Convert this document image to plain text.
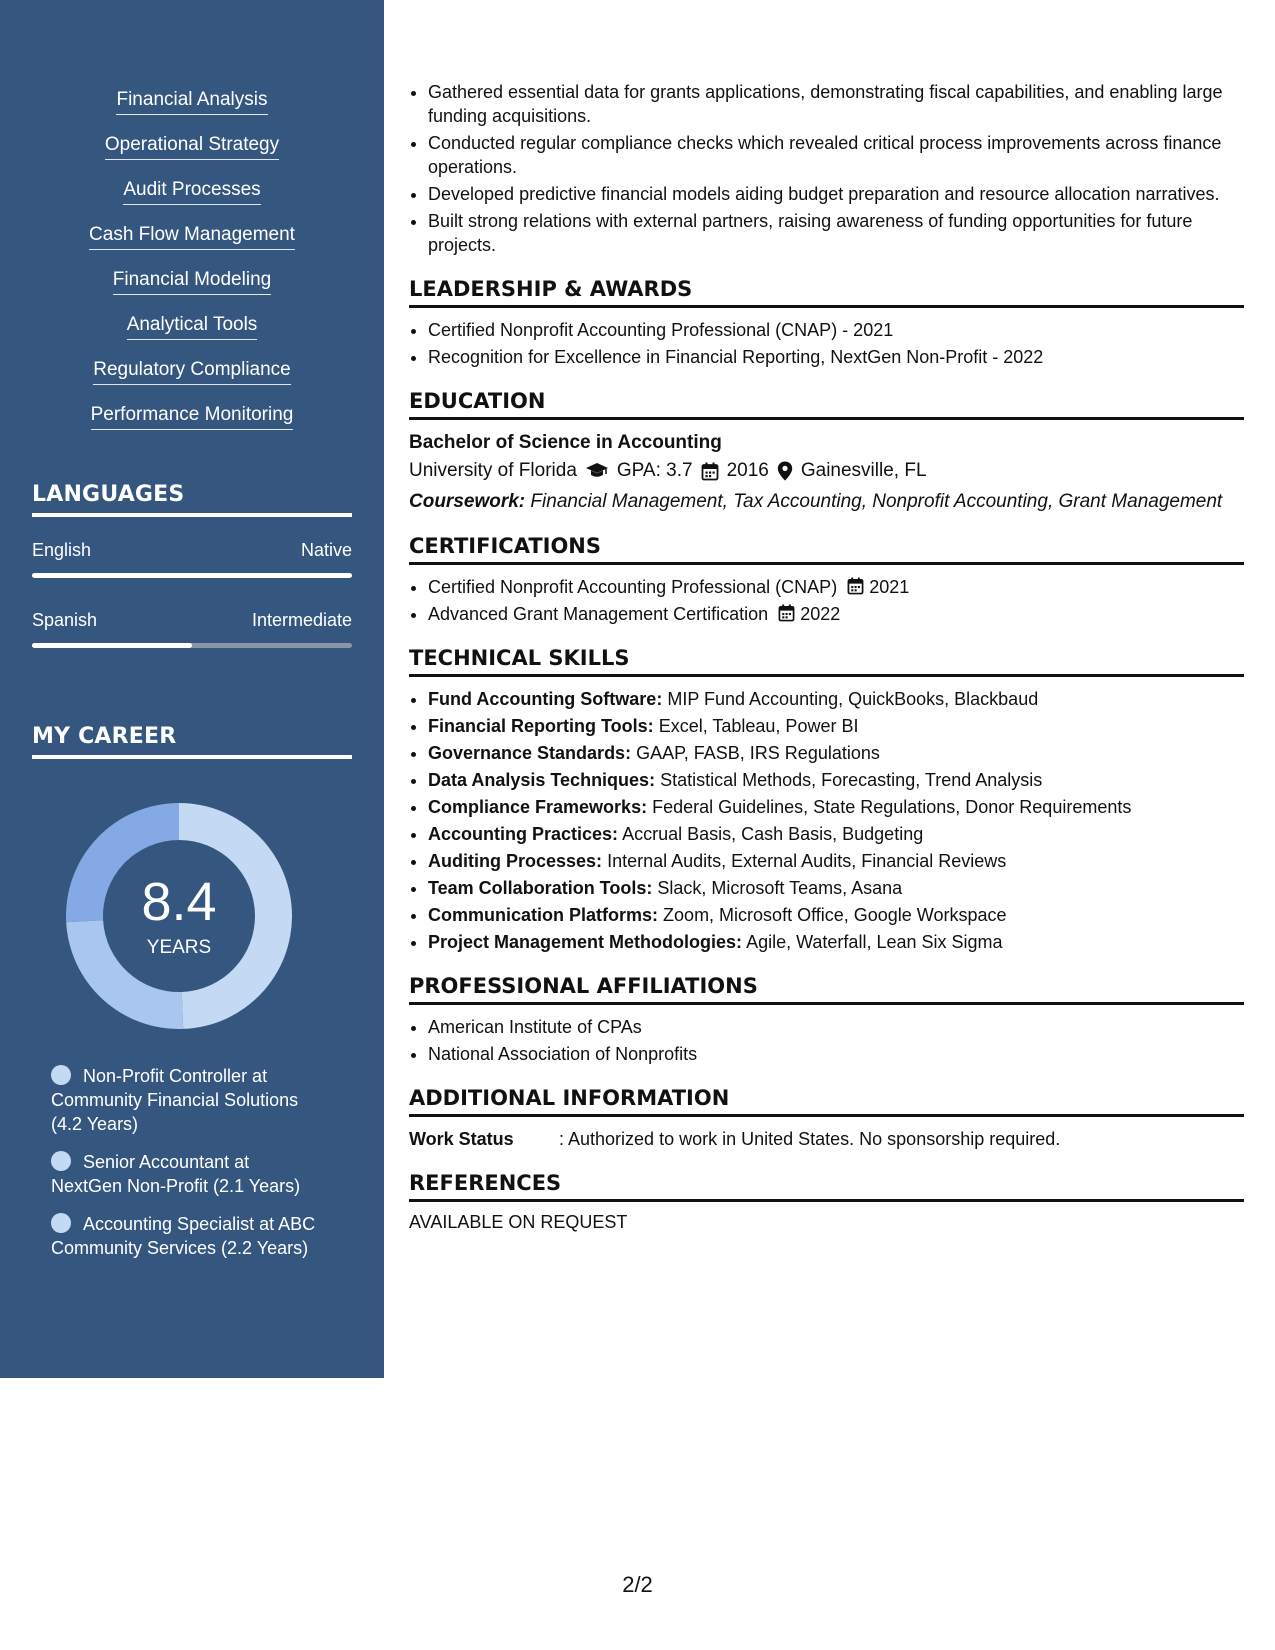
Financial Analysis
Operational Strategy
Audit Processes
Cash Flow Management
Financial Modeling
Analytical Tools
Regulatory Compliance
Performance Monitoring
LANGUAGES
English	Native
Spanish	Intermediate
MY CAREER
8.4
YEARS
Non-Profit Controller at Community Financial Solutions (4.2 Years)
Senior Accountant at NextGen Non-Profit (2.1 Years)
Accounting Specialist at ABC Community Services (2.2 Years)
• Gathered essential data for grants applications, demonstrating fiscal capabilities, and enabling large funding acquisitions.
• Conducted regular compliance checks which revealed critical process improvements across finance operations.
• Developed predictive financial models aiding budget preparation and resource allocation narratives.
• Built strong relations with external partners, raising awareness of funding opportunities for future projects.
LEADERSHIP & AWARDS
• Certified Nonprofit Accounting Professional (CNAP) - 2021
• Recognition for Excellence in Financial Reporting, NextGen Non-Profit - 2022
EDUCATION
Bachelor of Science in Accounting
University of Florida GPA: 3.7 2016 Gainesville, FL
Coursework: Financial Management, Tax Accounting, Nonprofit Accounting, Grant Management
CERTIFICATIONS
• Certified Nonprofit Accounting Professional (CNAP) 2021
• Advanced Grant Management Certification 2022
TECHNICAL SKILLS
• Fund Accounting Software: MIP Fund Accounting, QuickBooks, Blackbaud
• Financial Reporting Tools: Excel, Tableau, Power BI
• Governance Standards: GAAP, FASB, IRS Regulations
• Data Analysis Techniques: Statistical Methods, Forecasting, Trend Analysis
• Compliance Frameworks: Federal Guidelines, State Regulations, Donor Requirements
• Accounting Practices: Accrual Basis, Cash Basis, Budgeting
• Auditing Processes: Internal Audits, External Audits, Financial Reviews
• Team Collaboration Tools: Slack, Microsoft Teams, Asana
• Communication Platforms: Zoom, Microsoft Office, Google Workspace
• Project Management Methodologies: Agile, Waterfall, Lean Six Sigma
PROFESSIONAL AFFILIATIONS
• American Institute of CPAs
• National Association of Nonprofits
ADDITIONAL INFORMATION
Work Status	: Authorized to work in United States. No sponsorship required.
REFERENCES
AVAILABLE ON REQUEST
2/2
